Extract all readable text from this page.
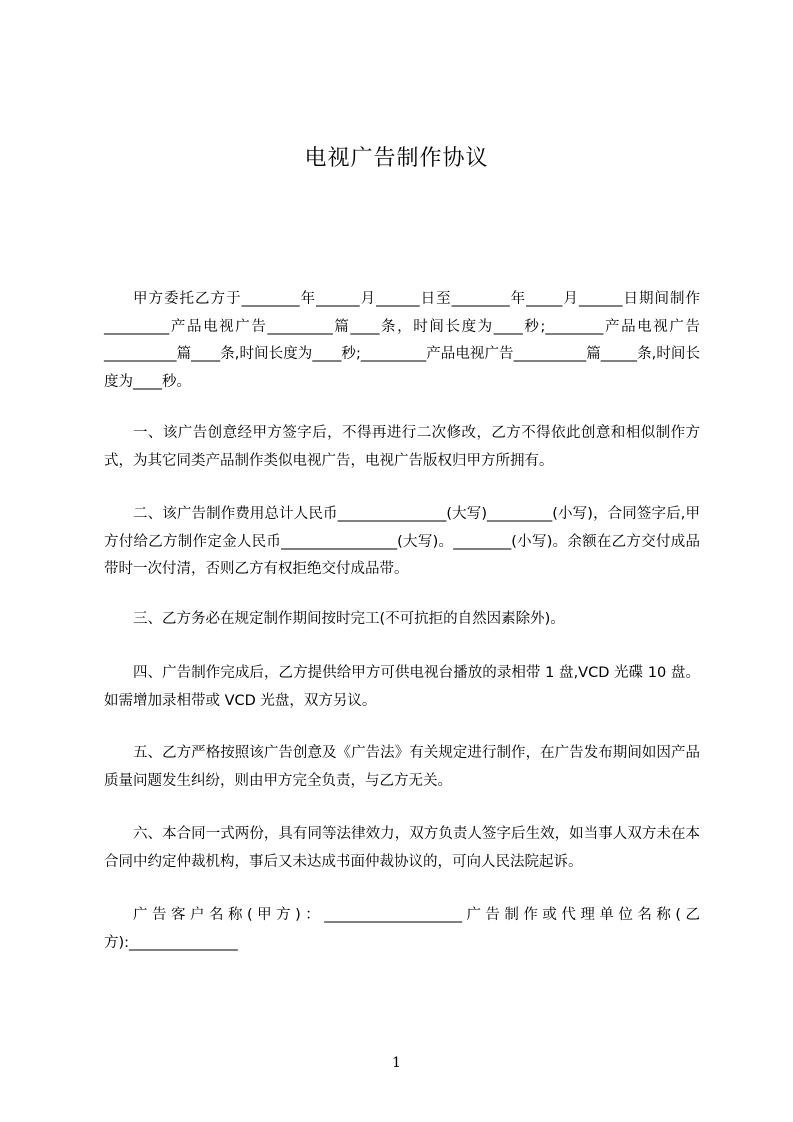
电视广告制作协议

甲方委托乙方于________年______月______日至________年_____月______日期间制作_________产品电视广告_________篇____条，时间长度为____秒;________产品电视广告__________篇____条,时间长度为____秒;_________产品电视广告__________篇_____条,时间长度为____秒。

一、该广告创意经甲方签字后，不得再进行二次修改，乙方不得依此创意和相似制作方式，为其它同类产品制作类似电视广告，电视广告版权归甲方所拥有。

二、该广告制作费用总计人民币_______________(大写)_________(小写)，合同签字后,甲方付给乙方制作定金人民币________________(大写)。________(小写)。余额在乙方交付成品带时一次付清，否则乙方有权拒绝交付成品带。

三、乙方务必在规定制作期间按时完工(不可抗拒的自然因素除外)。

四、广告制作完成后，乙方提供给甲方可供电视台播放的录相带 1 盘,VCD 光碟 10 盘。如需增加录相带或 VCD 光盘，双方另议。

五、乙方严格按照该广告创意及《广告法》有关规定进行制作，在广告发布期间如因产品质量问题发生纠纷，则由甲方完全负责，与乙方无关。

六、本合同一式两份，具有同等法律效力，双方负责人签字后生效，如当事人双方未在本合同中约定仲裁机构，事后又未达成书面仲裁协议的，可向人民法院起诉。

广告客户名称(甲方)：___________________广告制作或代理单位名称(乙方):_______________

1
